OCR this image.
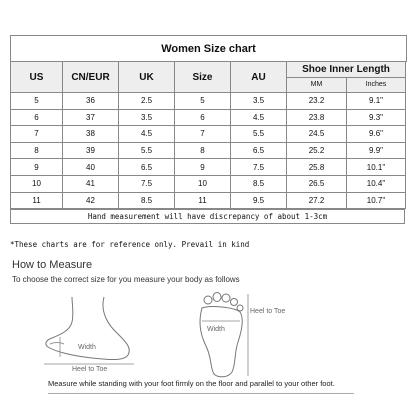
Women Size chart
US	CN/EUR	UK	Size	AU	Shoe Inner Length	
					MM	Inches
5	36	2.5	5	3.5	23.2	9.1"
6	37	3.5	6	4.5	23.8	9.3"
7	38	4.5	7	5.5	24.5	9.6"
8	39	5.5	8	6.5	25.2	9.9"
9	40	6.5	9	7.5	25.8	10.1"
10	41	7.5	10	8.5	26.5	10.4"
11	42	8.5	11	9.5	27.2	10.7"
Hand measurement will have discrepancy of about 1-3cm
*These charts are for reference only. Prevail in kind
How to Measure
To choose the correct size for you measure your body as follows
Width
Heel to Toe
Width
Heel to Toe
Measure while standing with your foot firmly on the floor and parallel to your other foot.
